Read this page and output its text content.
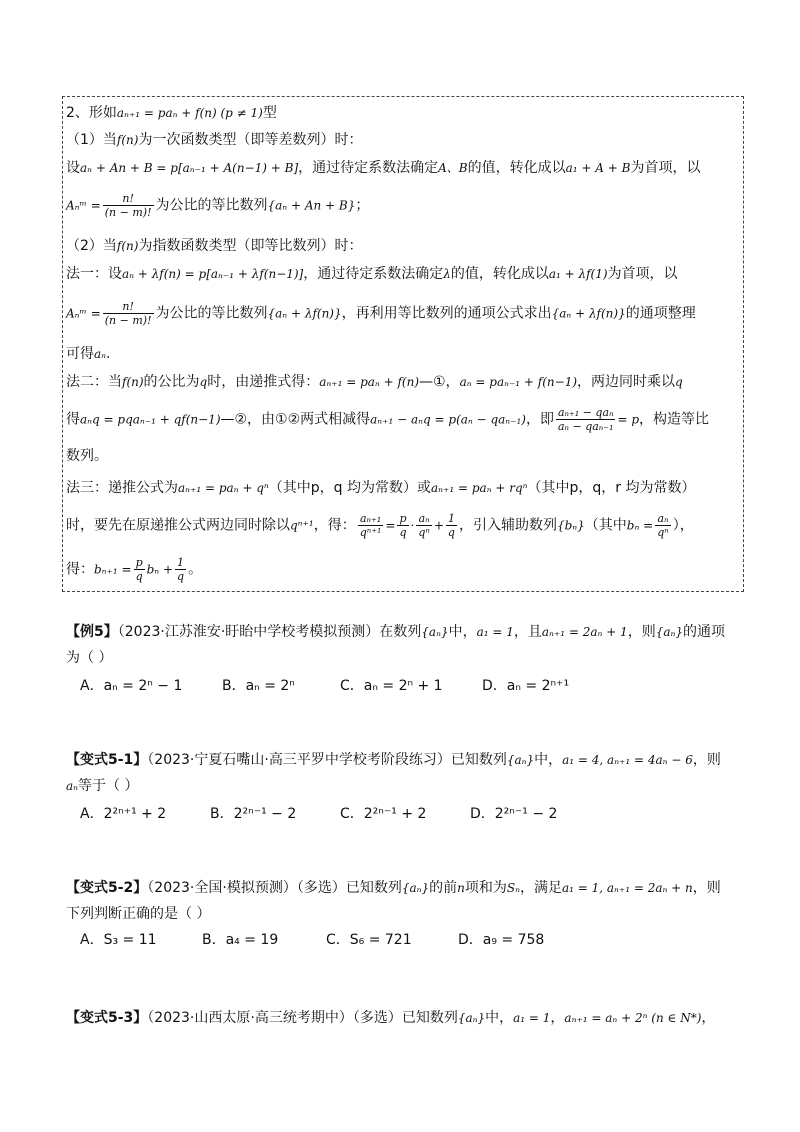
2、形如aₙ₊₁ = paₙ + f(n) (p ≠ 1)型
（1）当f(n)为一次函数类型（即等差数列）时：
设aₙ + An + B = p[aₙ₋₁ + A(n−1) + B]，通过待定系数法确定A、B的值，转化成以a₁ + A + B为首项，以
Aₙᵐ = $\frac{n!}{(n - m)!}$ 为公比的等比数列{aₙ + An + B}；
（2）当f(n)为指数函数类型（即等比数列）时：
法一：设aₙ + λf(n) = p[aₙ₋₁ + λf(n−1)]，通过待定系数法确定λ的值，转化成以a₁ + λf(1)为首项，以
Aₙᵐ = $\frac{n!}{(n - m)!}$ 为公比的等比数列{aₙ + λf(n)}，再利用等比数列的通项公式求出{aₙ + λf(n)}的通项整理
可得aₙ.
法二：当f(n)的公比为q时，由递推式得：aₙ₊₁ = paₙ + f(n)—①，aₙ = paₙ₋₁ + f(n−1)，两边同时乘以q
得aₙq = pqaₙ₋₁ + qf(n−1)—②，由①②两式相减得aₙ₊₁ − aₙq = p(aₙ − qaₙ₋₁)，即 $\frac{\text{aₙ₊₁ − qaₙ}}{\text{aₙ − qaₙ₋₁}} = p$，构造等比
数列。
法三：递推公式为aₙ₊₁ = paₙ + qⁿ（其中p，q 均为常数）或aₙ₊₁ = paₙ + rqⁿ（其中p，q，r 均为常数）
时，要先在原递推公式两边同时除以qⁿ⁺¹，得： $\frac{\text{aₙ₊₁}}{\text{qⁿ⁺¹}} = \frac{p}{q} \cdot \frac{\text{aₙ}}{\text{qⁿ}} + \frac{1}{q}$ ，引入辅助数列{bₙ}（其中$b_n = \frac{\text{aₙ}}{\text{qⁿ}}$ ），
得：$b_{n+1} = \frac{p}{q}$ $b_n + \frac{1}{q}$ 。
【例5】（2023·江苏淮安·盱眙中学校考模拟预测）在数列{aₙ}中，a₁ = 1，且aₙ₊₁ = 2aₙ + 1，则{aₙ}的通项
为（ ）
A．aₙ = 2ⁿ − 1	B．aₙ = 2ⁿ	C．aₙ = 2ⁿ + 1	D．aₙ = 2ⁿ⁺¹
【变式5-1】（2023·宁夏石嘴山·高三平罗中学校考阶段练习）已知数列{aₙ}中，a₁ = 4, aₙ₊₁ = 4aₙ − 6，则
aₙ等于（ ）
A．2²ⁿ⁺¹ + 2	B．2²ⁿ⁻¹ − 2	C．2²ⁿ⁻¹ + 2	D．2²ⁿ⁻¹ − 2
【变式5-2】（2023·全国·模拟预测）（多选）已知数列{aₙ}的前n项和为Sₙ，满足a₁ = 1, aₙ₊₁ = 2aₙ + n，则
下列判断正确的是（ ）
A．S₃ = 11	B．a₄ = 19	C．S₆ = 721	D．a₉ = 758
【变式5-3】（2023·山西太原·高三统考期中）（多选）已知数列{aₙ}中，a₁ = 1，aₙ₊₁ = aₙ + 2ⁿ (n ∈ N*)，
